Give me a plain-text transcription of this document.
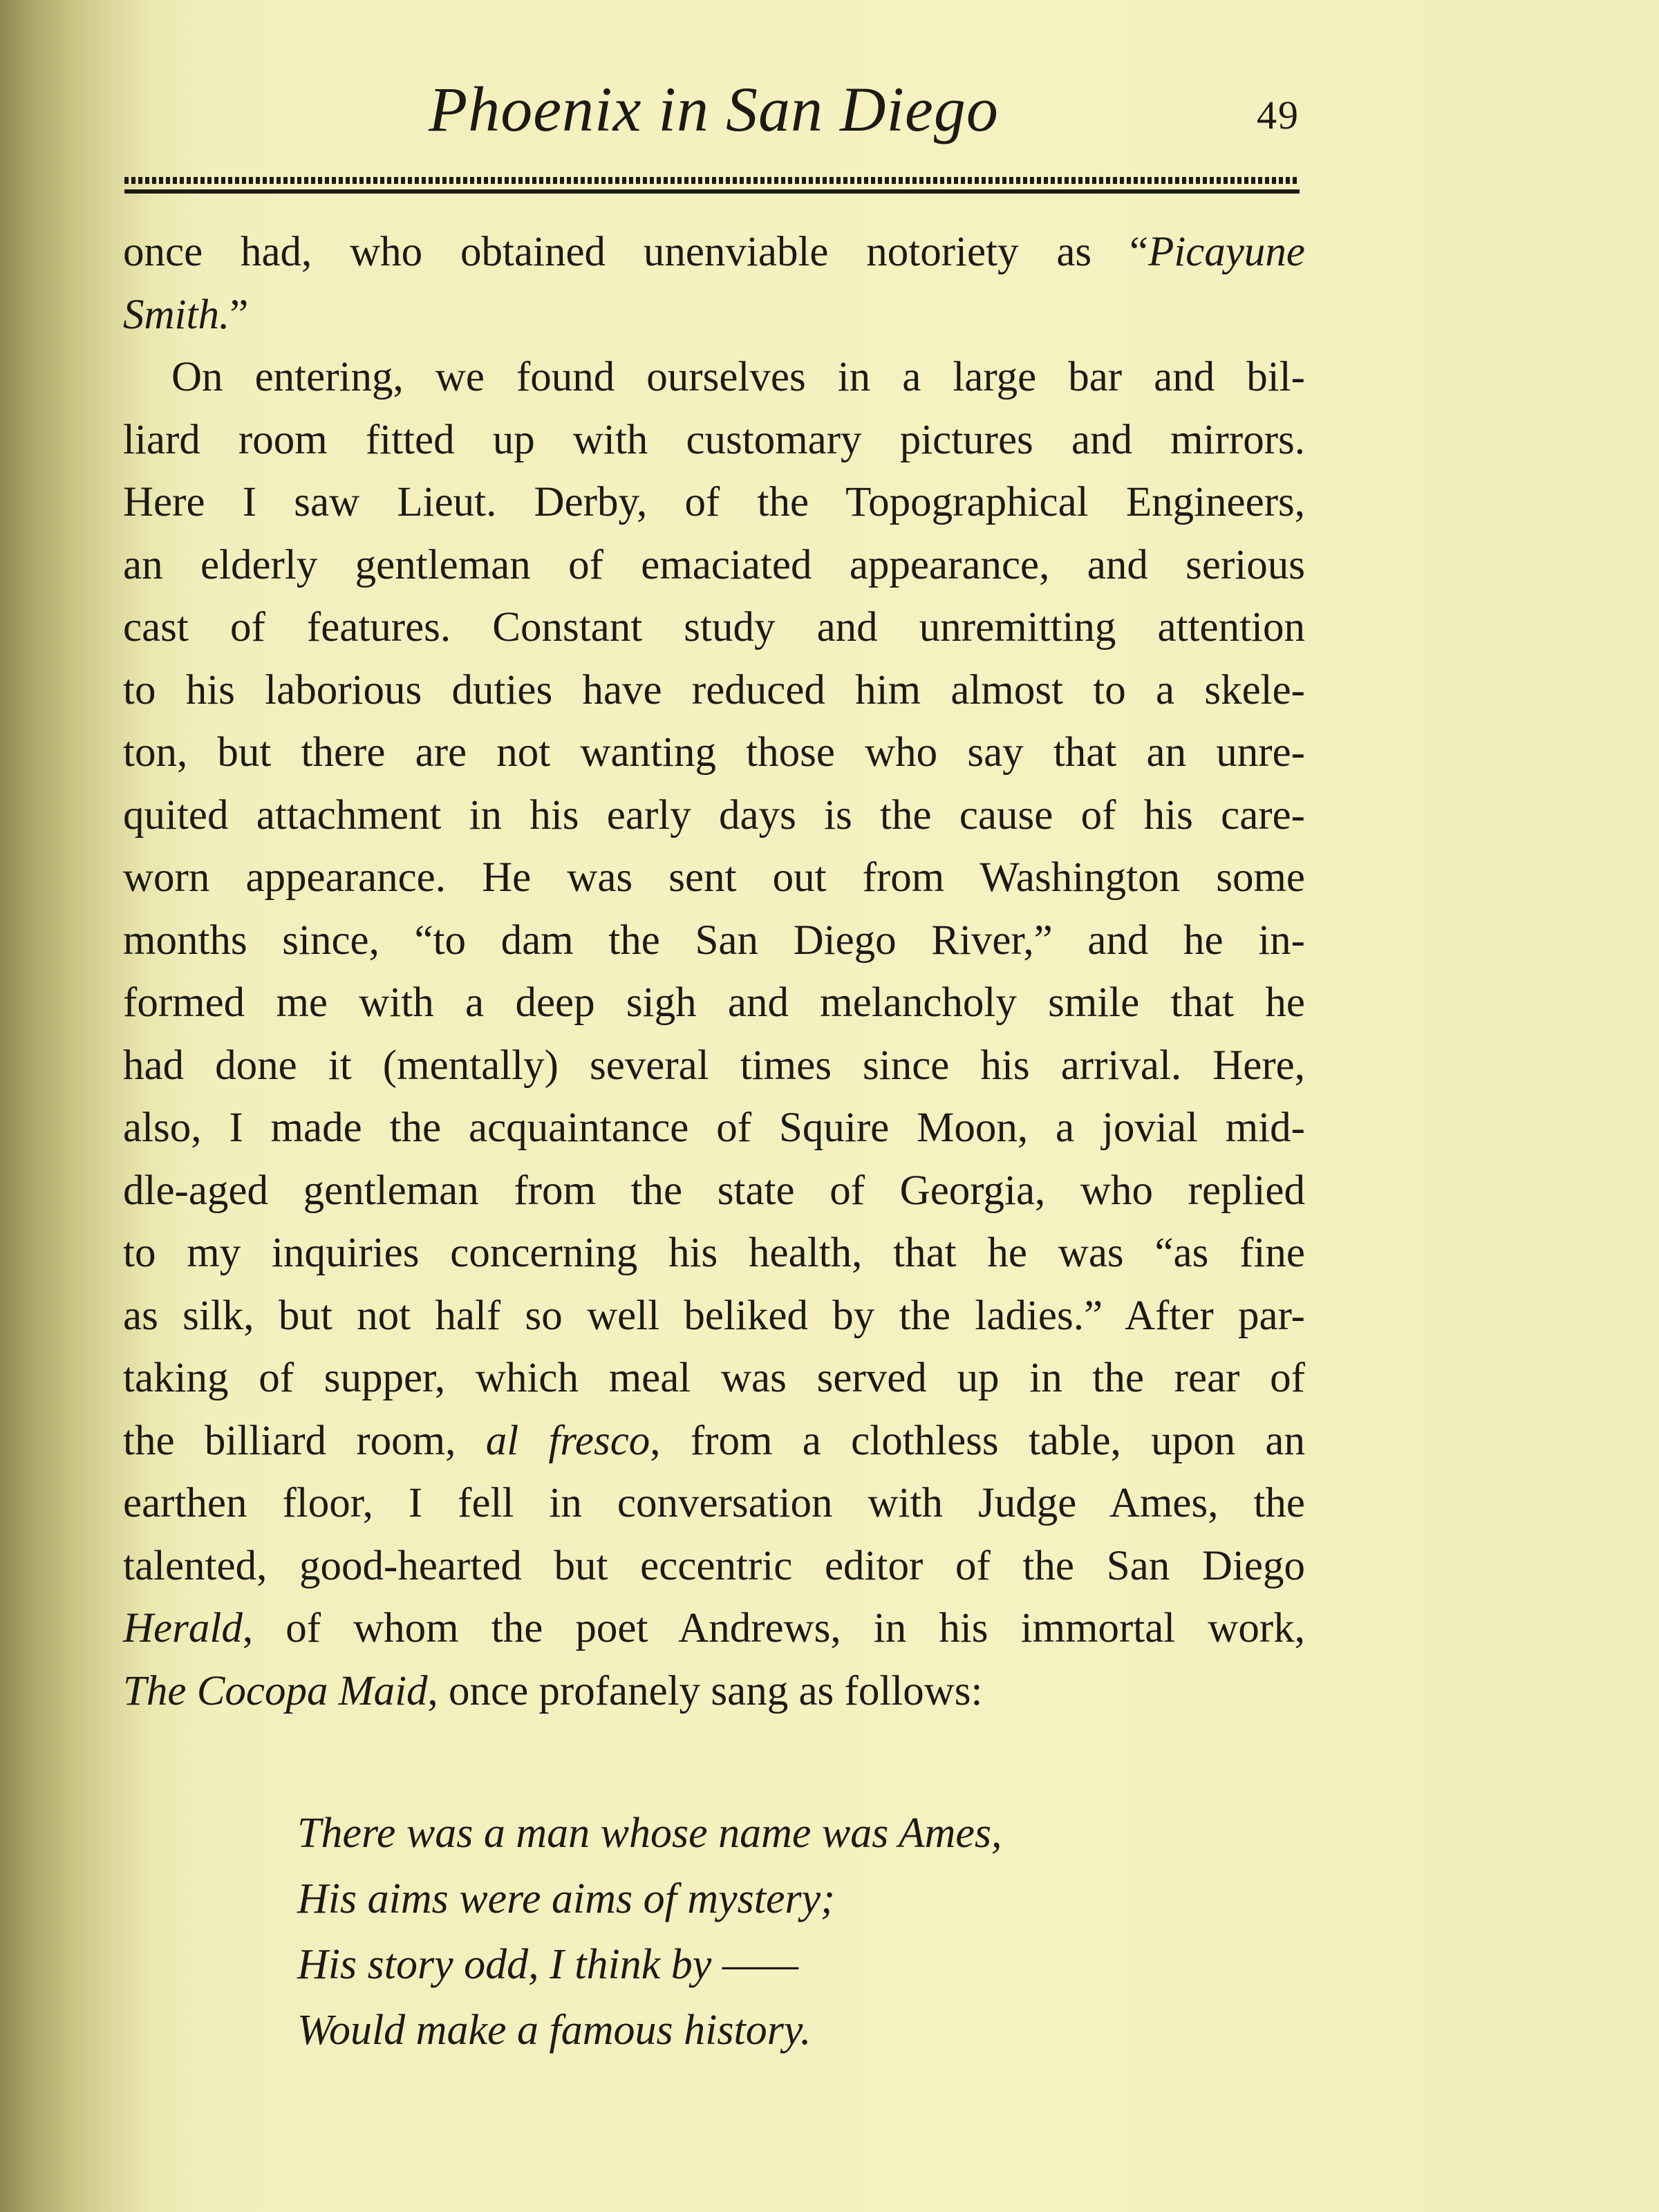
Phoenix in San Diego	49
once had, who obtained unenviable notoriety as “Picayune
Smith.”
On entering, we found ourselves in a large bar and bil-
liard room fitted up with customary pictures and mirrors.
Here I saw Lieut. Derby, of the Topographical Engineers,
an elderly gentleman of emaciated appearance, and serious
cast of features. Constant study and unremitting attention
to his laborious duties have reduced him almost to a skele-
ton, but there are not wanting those who say that an unre-
quited attachment in his early days is the cause of his care-
worn appearance. He was sent out from Washington some
months since, “to dam the San Diego River,” and he in-
formed me with a deep sigh and melancholy smile that he
had done it (mentally) several times since his arrival. Here,
also, I made the acquaintance of Squire Moon, a jovial mid-
dle-aged gentleman from the state of Georgia, who replied
to my inquiries concerning his health, that he was “as fine
as silk, but not half so well beliked by the ladies.” After par-
taking of supper, which meal was served up in the rear of
the billiard room, al fresco, from a clothless table, upon an
earthen floor, I fell in conversation with Judge Ames, the
talented, good-hearted but eccentric editor of the San Diego
Herald, of whom the poet Andrews, in his immortal work,
The Cocopa Maid, once profanely sang as follows:
There was a man whose name was Ames,
His aims were aims of mystery;
His story odd, I think by ——
Would make a famous history.
